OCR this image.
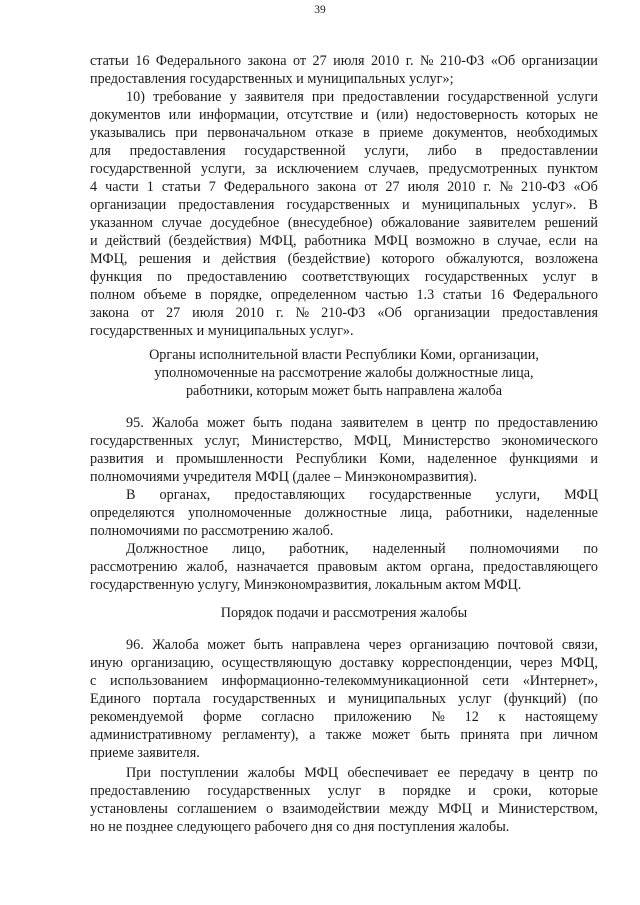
39
статьи 16 Федерального закона от 27 июля 2010 г. № 210-ФЗ «Об организации
предоставления государственных и муниципальных услуг»;
10) требование у заявителя при предоставлении государственной услуги
документов или информации, отсутствие и (или) недостоверность которых не
указывались при первоначальном отказе в приеме документов, необходимых
для предоставления государственной услуги, либо в предоставлении
государственной услуги, за исключением случаев, предусмотренных пунктом
4 части 1 статьи 7 Федерального закона от 27 июля 2010 г. № 210-ФЗ «Об
организации предоставления государственных и муниципальных услуг». В
указанном случае досудебное (внесудебное) обжалование заявителем решений
и действий (бездействия) МФЦ, работника МФЦ возможно в случае, если на
МФЦ, решения и действия (бездействие) которого обжалуются, возложена
функция по предоставлению соответствующих государственных услуг в
полном объеме в порядке, определенном частью 1.3 статьи 16 Федерального
закона от 27 июля 2010 г. № 210-ФЗ «Об организации предоставления
государственных и муниципальных услуг».
Органы исполнительной власти Республики Коми, организации,
уполномоченные на рассмотрение жалобы должностные лица,
работники, которым может быть направлена жалоба
95. Жалоба может быть подана заявителем в центр по предоставлению
государственных услуг, Министерство, МФЦ, Министерство экономического
развития и промышленности Республики Коми, наделенное функциями и
полномочиями учредителя МФЦ (далее – Минэкономразвития).
В органах, предоставляющих государственные услуги, МФЦ
определяются уполномоченные должностные лица, работники, наделенные
полномочиями по рассмотрению жалоб.
Должностное лицо, работник, наделенный полномочиями по
рассмотрению жалоб, назначается правовым актом органа, предоставляющего
государственную услугу, Минэкономразвития, локальным актом МФЦ.
Порядок подачи и рассмотрения жалобы
96. Жалоба может быть направлена через организацию почтовой связи,
иную организацию, осуществляющую доставку корреспонденции, через МФЦ,
с использованием информационно-телекоммуникационной сети «Интернет»,
Единого портала государственных и муниципальных услуг (функций) (по
рекомендуемой форме согласно приложению № 12 к настоящему
административному регламенту), а также может быть принята при личном
приеме заявителя.
При поступлении жалобы МФЦ обеспечивает ее передачу в центр по
предоставлению государственных услуг в порядке и сроки, которые
установлены соглашением о взаимодействии между МФЦ и Министерством,
но не позднее следующего рабочего дня со дня поступления жалобы.
